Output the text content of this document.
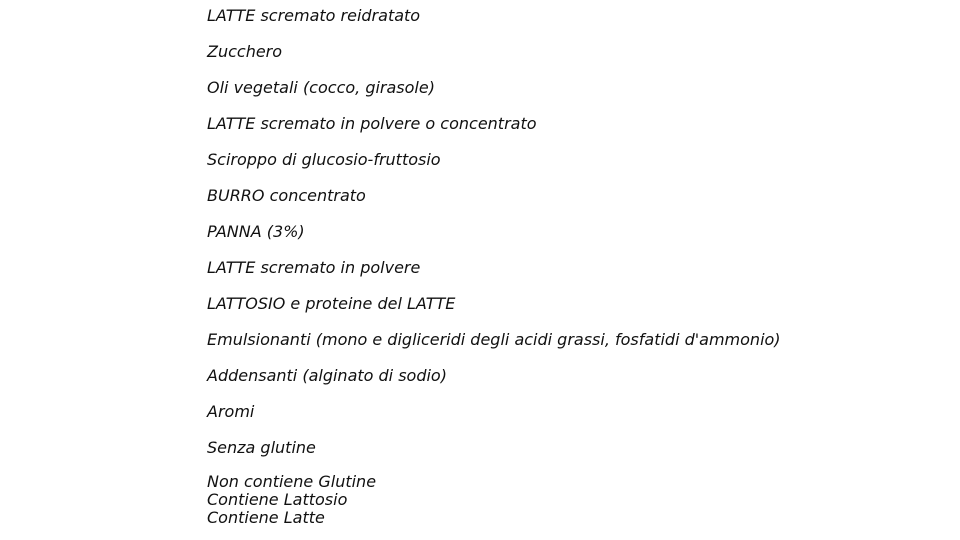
LATTE scremato reidratato
Zucchero
Oli vegetali (cocco, girasole)
LATTE scremato in polvere o concentrato
Sciroppo di glucosio-fruttosio
BURRO concentrato
PANNA (3%)
LATTE scremato in polvere
LATTOSIO e proteine del LATTE
Emulsionanti (mono e digliceridi degli acidi grassi, fosfatidi d'ammonio)
Addensanti (alginato di sodio)
Aromi
Senza glutine
Non contiene Glutine
Contiene Lattosio
Contiene Latte
